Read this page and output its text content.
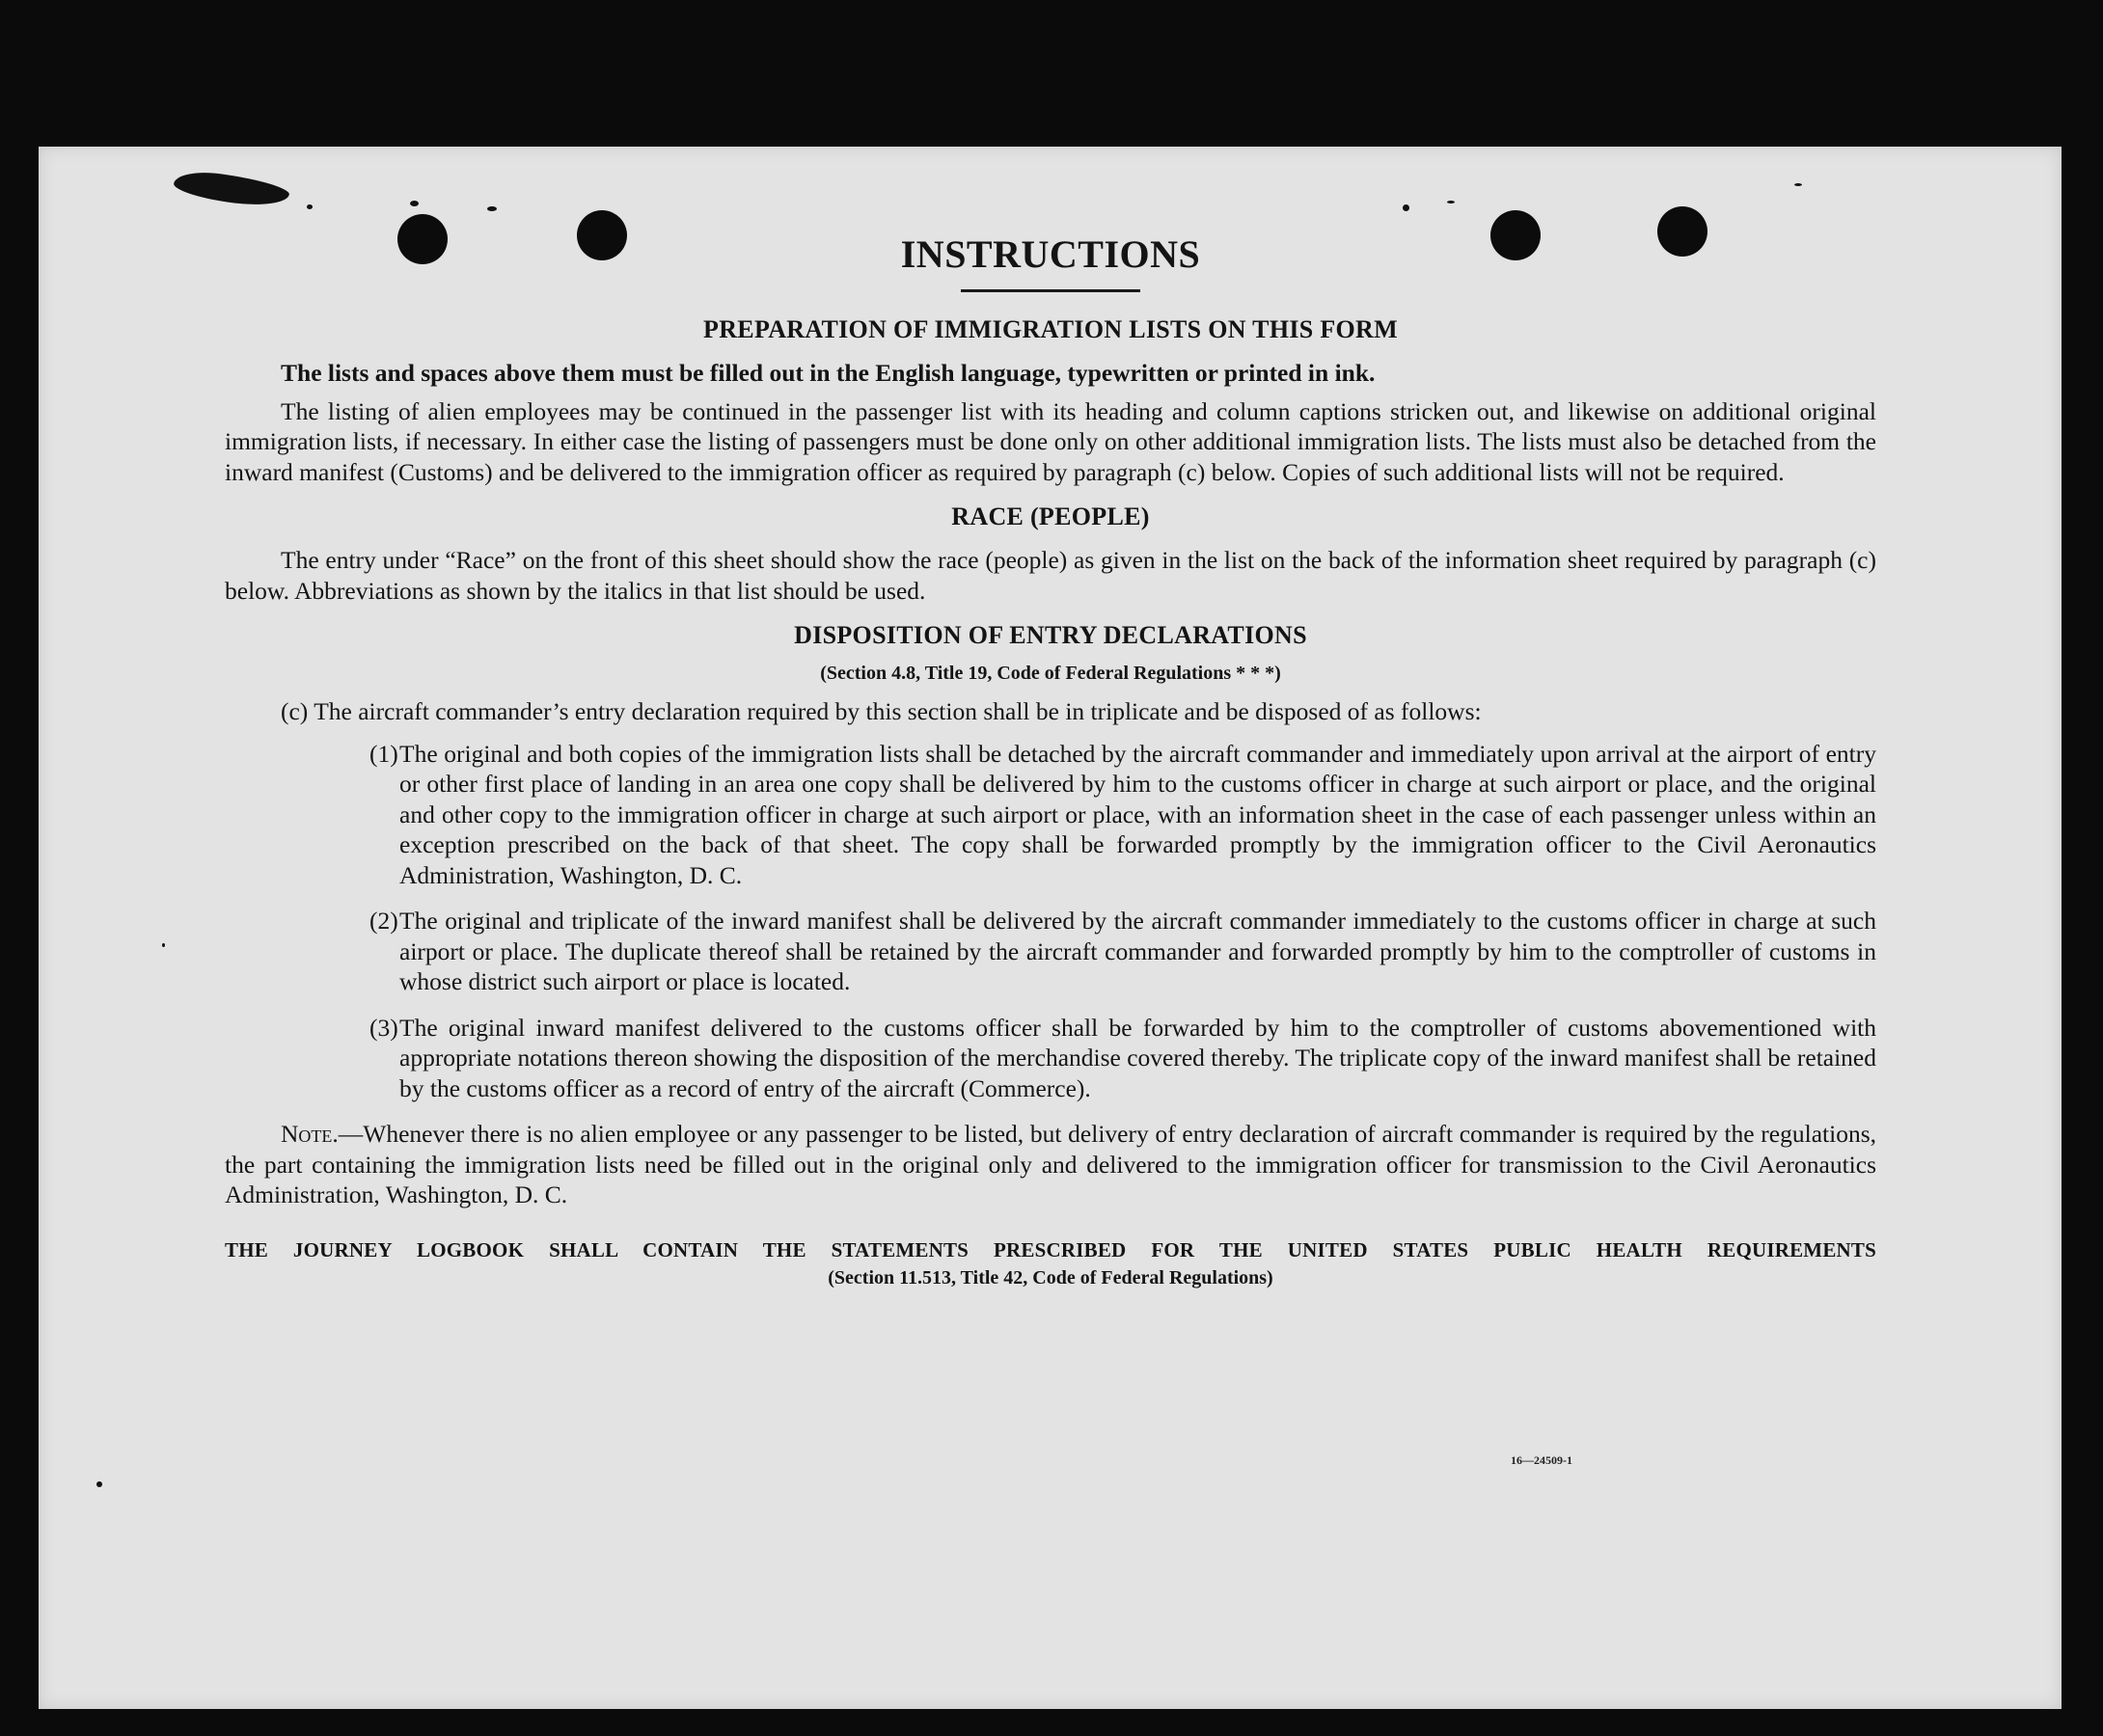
INSTRUCTIONS
PREPARATION OF IMMIGRATION LISTS ON THIS FORM

The lists and spaces above them must be filled out in the English language, typewritten or printed in ink.

The listing of alien employees may be continued in the passenger list with its heading and column captions stricken out, and likewise on additional original immigration lists, if necessary. In either case the listing of passengers must be done only on other additional immigration lists. The lists must also be detached from the inward manifest (Customs) and be delivered to the immigration officer as required by paragraph (c) below. Copies of such additional lists will not be required.

RACE (PEOPLE)

The entry under “Race” on the front of this sheet should show the race (people) as given in the list on the back of the information sheet required by paragraph (c) below. Abbreviations as shown by the italics in that list should be used.

DISPOSITION OF ENTRY DECLARATIONS
(Section 4.8, Title 19, Code of Federal Regulations * * *)

(c) The aircraft commander’s entry declaration required by this section shall be in triplicate and be disposed of as follows:

(1) The original and both copies of the immigration lists shall be detached by the aircraft commander and immediately upon arrival at the airport of entry or other first place of landing in an area one copy shall be delivered by him to the customs officer in charge at such airport or place, and the original and other copy to the immigration officer in charge at such airport or place, with an information sheet in the case of each passenger unless within an exception prescribed on the back of that sheet. The copy shall be forwarded promptly by the immigration officer to the Civil Aeronautics Administration, Washington, D. C.
(2) The original and triplicate of the inward manifest shall be delivered by the aircraft commander immediately to the customs officer in charge at such airport or place. The duplicate thereof shall be retained by the aircraft commander and forwarded promptly by him to the comptroller of customs in whose district such airport or place is located.
(3) The original inward manifest delivered to the customs officer shall be forwarded by him to the comptroller of customs abovementioned with appropriate notations thereon showing the disposition of the merchandise covered thereby. The triplicate copy of the inward manifest shall be retained by the customs officer as a record of entry of the aircraft (Commerce).

Note.—Whenever there is no alien employee or any passenger to be listed, but delivery of entry declaration of aircraft commander is required by the regulations, the part containing the immigration lists need be filled out in the original only and delivered to the immigration officer for transmission to the Civil Aeronautics Administration, Washington, D. C.

THE JOURNEY LOGBOOK SHALL CONTAIN THE STATEMENTS PRESCRIBED FOR THE UNITED STATES PUBLIC HEALTH REQUIREMENTS
(Section 11.513, Title 42, Code of Federal Regulations)
16—24509-1
